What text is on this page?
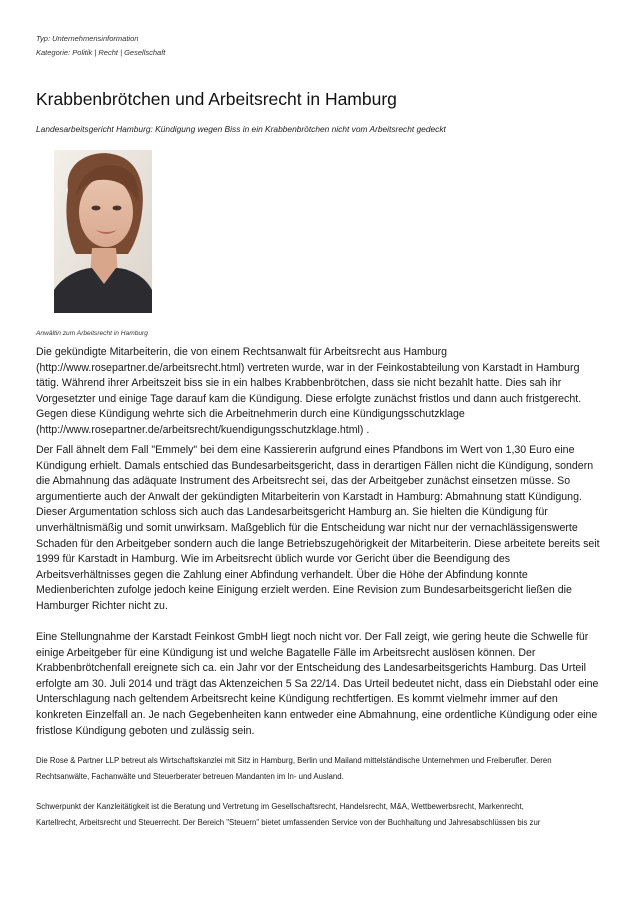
Typ: Unternehmensinformation
Kategorie: Politik | Recht | Gesellschaft
Krabbenbrötchen und Arbeitsrecht in Hamburg
Landesarbeitsgericht Hamburg: Kündigung wegen Biss in ein Krabbenbrötchen nicht vom Arbeitsrecht gedeckt
Anwältin zum Arbeitsrecht in Hamburg
Die gekündigte Mitarbeiterin, die von einem Rechtsanwalt für Arbeitsrecht aus Hamburg
(http://www.rosepartner.de/arbeitsrecht.html) vertreten wurde, war in der Feinkostabteilung von Karstadt in Hamburg
tätig. Während ihrer Arbeitszeit biss sie in ein halbes Krabbenbrötchen, dass sie nicht bezahlt hatte. Dies sah ihr
Vorgesetzter und einige Tage darauf kam die Kündigung. Diese erfolgte zunächst fristlos und dann auch fristgerecht.
Gegen diese Kündigung wehrte sich die Arbeitnehmerin durch eine Kündigungsschutzklage
(http://www.rosepartner.de/arbeitsrecht/kuendigungsschutzklage.html) .
Der Fall ähnelt dem Fall "Emmely" bei dem eine Kassiererin aufgrund eines Pfandbons im Wert von 1,30 Euro eine
Kündigung erhielt. Damals entschied das Bundesarbeitsgericht, dass in derartigen Fällen nicht die Kündigung, sondern
die Abmahnung das adäquate Instrument des Arbeitsrecht sei, das der Arbeitgeber zunächst einsetzen müsse. So
argumentierte auch der Anwalt der gekündigten Mitarbeiterin von Karstadt in Hamburg: Abmahnung statt Kündigung.
Dieser Argumentation schloss sich auch das Landesarbeitsgericht Hamburg an. Sie hielten die Kündigung für
unverhältnismäßig und somit unwirksam. Maßgeblich für die Entscheidung war nicht nur der vernachlässigenswerte
Schaden für den Arbeitgeber sondern auch die lange Betriebszugehörigkeit der Mitarbeiterin. Diese arbeitete bereits seit
1999 für Karstadt in Hamburg. Wie im Arbeitsrecht üblich wurde vor Gericht über die Beendigung des
Arbeitsverhältnisses gegen die Zahlung einer Abfindung verhandelt. Über die Höhe der Abfindung konnte
Medienberichten zufolge jedoch keine Einigung erzielt werden. Eine Revision zum Bundesarbeitsgericht ließen die
Hamburger Richter nicht zu.
Eine Stellungnahme der Karstadt Feinkost GmbH liegt noch nicht vor. Der Fall zeigt, wie gering heute die Schwelle für
einige Arbeitgeber für eine Kündigung ist und welche Bagatelle Fälle im Arbeitsrecht auslösen können. Der
Krabbenbrötchenfall ereignete sich ca. ein Jahr vor der Entscheidung des Landesarbeitsgerichts Hamburg. Das Urteil
erfolgte am 30. Juli 2014 und trägt das Aktenzeichen 5 Sa 22/14. Das Urteil bedeutet nicht, dass ein Diebstahl oder eine
Unterschlagung nach geltendem Arbeitsrecht keine Kündigung rechtfertigen. Es kommt vielmehr immer auf den
konkreten Einzelfall an. Je nach Gegebenheiten kann entweder eine Abmahnung, eine ordentliche Kündigung oder eine
fristlose Kündigung geboten und zulässig sein.
Die Rose & Partner LLP betreut als Wirtschaftskanzlei mit Sitz in Hamburg, Berlin und Mailand mittelständische Unternehmen und Freiberufler. Deren
Rechtsanwälte, Fachanwälte und Steuerberater betreuen Mandanten im In- und Ausland.
Schwerpunkt der Kanzleitätigkeit ist die Beratung und Vertretung im Gesellschaftsrecht, Handelsrecht, M&A, Wettbewerbsrecht, Markenrecht,
Kartellrecht, Arbeitsrecht und Steuerrecht. Der Bereich "Steuern" bietet umfassenden Service von der Buchhaltung und Jahresabschlüssen bis zur
